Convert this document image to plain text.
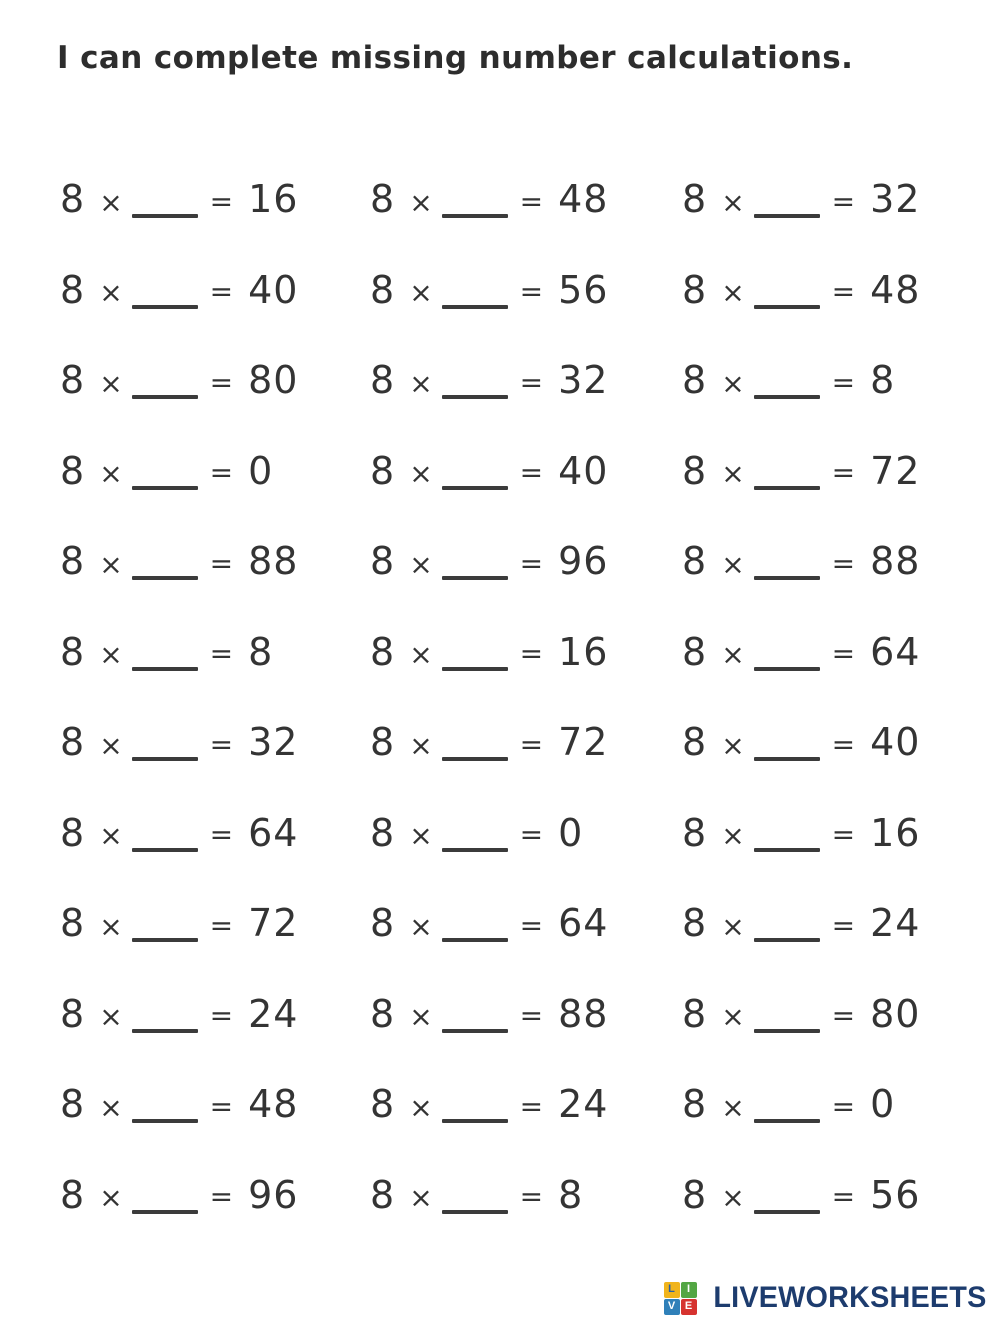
I can complete missing number calculations.
8 ×	= 16 8 ×	= 48 8 ×	= 32
8 ×	= 40 8 ×	= 56 8 ×	= 48
8 ×	= 80 8 ×	= 32 8 ×	= 8
8 ×	= 0	8 ×	= 40 8 ×	= 72
8 ×	= 88 8 ×	= 96 8 ×	= 88
8 ×	= 8	8 ×	= 16 8 ×	= 64
8 ×	= 32 8 ×	= 72 8 ×	= 40
8 ×	= 64 8 ×	= 0	8 ×	= 16
8 ×	= 72 8 ×	= 64 8 ×	= 24
8 ×	= 24 8 ×	= 88 8 ×	= 80
8 ×	= 48 8 ×	= 24 8 ×	= 0
8 ×	= 96 8 ×	= 8	8 ×	= 56
L	I
V E LIVEWORKSHEETS
